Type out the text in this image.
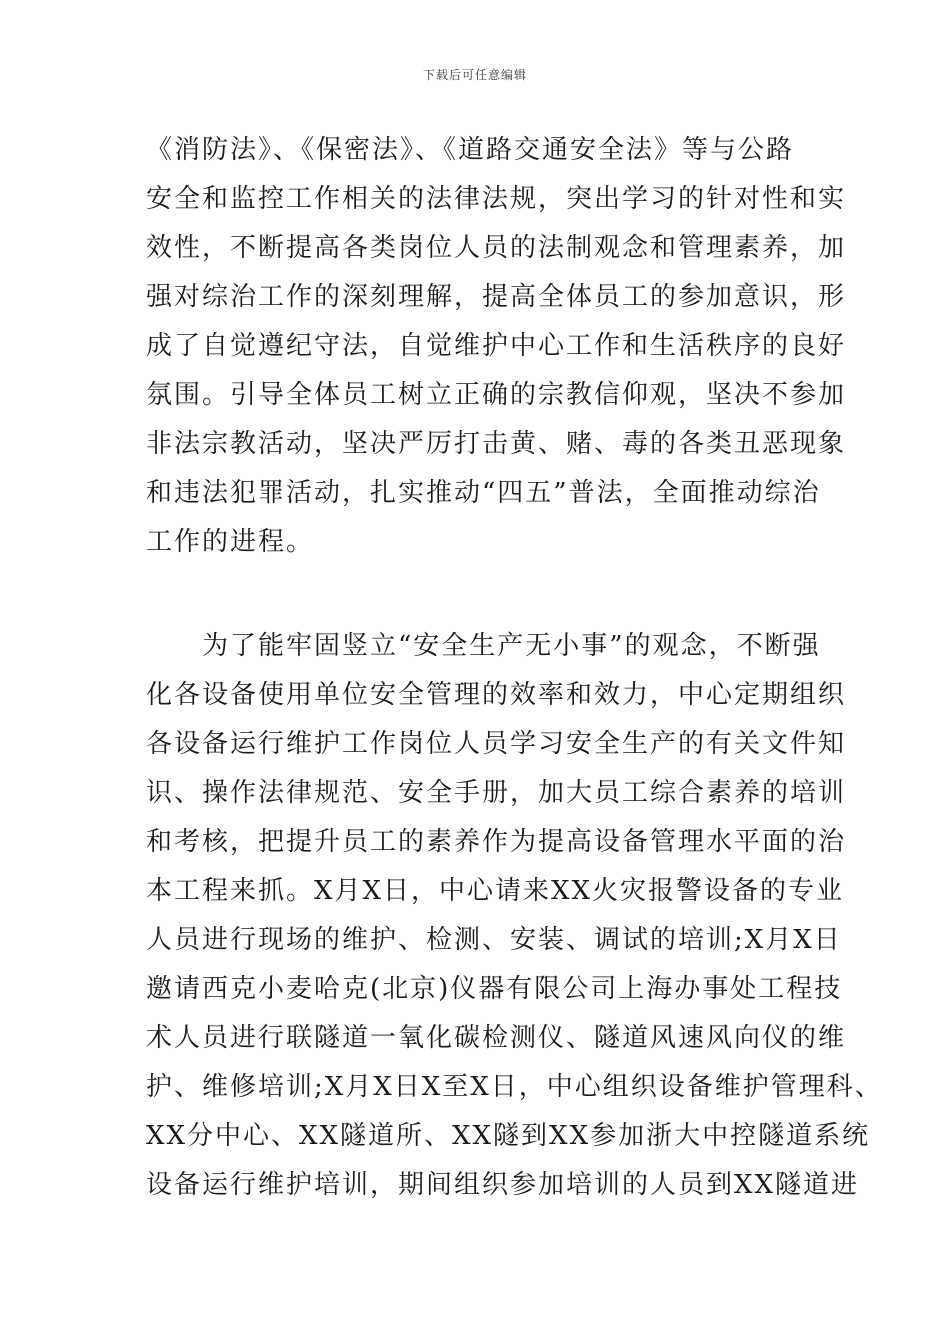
下载后可任意编辑
《消防法》、《保密法》、《道路交通安全法》等与公路
安全和监控工作相关的法律法规，突出学习的针对性和实
效性，不断提高各类岗位人员的法制观念和管理素养，加
强对综治工作的深刻理解，提高全体员工的参加意识，形
成了自觉遵纪守法，自觉维护中心工作和生活秩序的良好
氛围。引导全体员工树立正确的宗教信仰观，坚决不参加
非法宗教活动，坚决严厉打击黄、赌、毒的各类丑恶现象
和违法犯罪活动，扎实推动“四五”普法，全面推动综治
工作的进程。
为了能牢固竖立“安全生产无小事”的观念，不断强
化各设备使用单位安全管理的效率和效力，中心定期组织
各设备运行维护工作岗位人员学习安全生产的有关文件知
识、操作法律规范、安全手册，加大员工综合素养的培训
和考核，把提升员工的素养作为提高设备管理水平面的治
本工程来抓。X月X日，中心请来XX火灾报警设备的专业
人员进行现场的维护、检测、安装、调试的培训;X月X日
邀请西克小麦哈克(北京)仪器有限公司上海办事处工程技
术人员进行联隧道一氧化碳检测仪、隧道风速风向仪的维
护、维修培训;X月X日X至X日，中心组织设备维护管理科、
XX分中心、XX隧道所、XX隧到XX参加浙大中控隧道系统
设备运行维护培训，期间组织参加培训的人员到XX隧道进
